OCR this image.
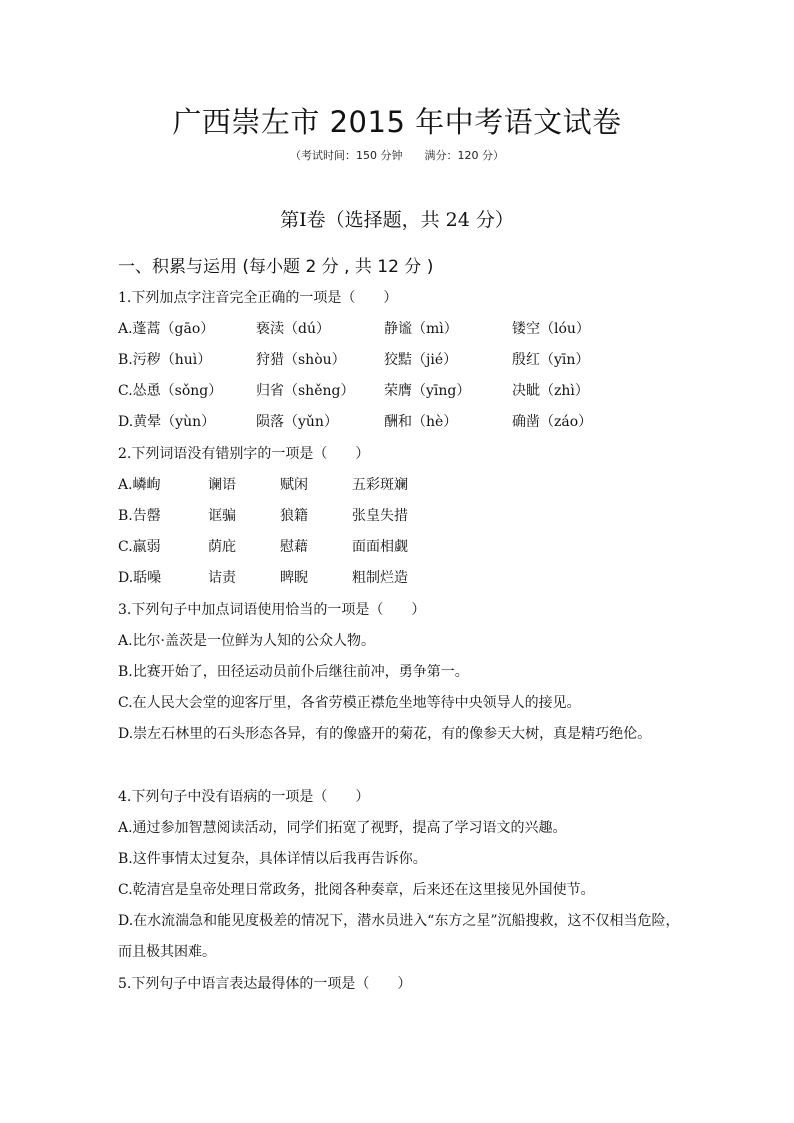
广西崇左市 2015 年中考语文试卷
（考试时间：150 分钟 满分：120 分）
第Ⅰ卷（选择题，共 24 分）
一、积累与运用 (每小题 2 分 , 共 12 分 )
1.下列加点字注音完全正确的一项是（　　）
A.蓬蒿（gāo）	亵渎（dú）	静谧（mì）	镂空（lóu）
B.污秽（huì）	狩猎（shòu）	狡黠（jié）	殷红（yīn）
C.怂恿（sǒng） 归省（shěng） 荣膺（yīng）	决眦（zhì）
D.黄晕（yùn）	陨落（yǔn）	酬和（hè）	确凿（záo）
2.下列词语没有错别字的一项是（　　）
A.嶙峋	谰语	赋闲	五彩斑斓
B.告罄	诓骗	狼籍	张皇失措
C.羸弱	荫庇	慰藉	面面相觑
D.聒噪	诘责	睥睨	粗制烂造
3.下列句子中加点词语使用恰当的一项是（　　）
A.比尔·盖茨是一位鲜为人知的公众人物。
B.比赛开始了，田径运动员前仆后继往前冲，勇争第一。
C.在人民大会堂的迎客厅里，各省劳模正襟危坐地等待中央领导人的接见。
D.崇左石林里的石头形态各异，有的像盛开的菊花，有的像参天大树，真是精巧绝伦。
4.下列句子中没有语病的一项是（　　）
A.通过参加智慧阅读活动，同学们拓宽了视野，提高了学习语文的兴趣。
B.这件事情太过复杂，具体详情以后我再告诉你。
C.乾清宫是皇帝处理日常政务，批阅各种奏章，后来还在这里接见外国使节。
D.在水流湍急和能见度极差的情况下，潜水员进入“东方之星”沉船搜救，这不仅相当危险，而且极其困难。
5.下列句子中语言表达最得体的一项是（　　）
